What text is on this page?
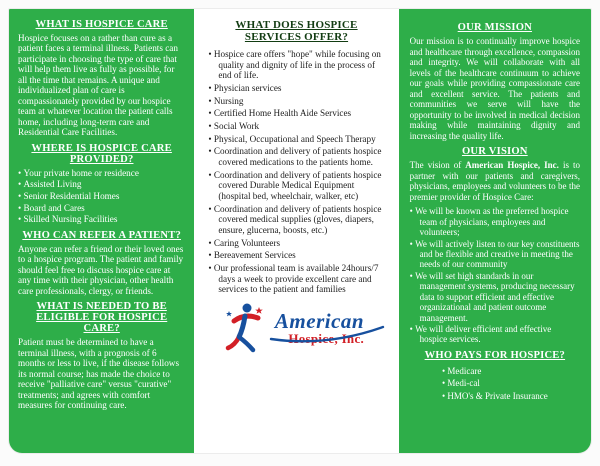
WHAT IS HOSPICE CARE

Hospice focuses on a rather than cure as a patient faces a terminal illness. Patients can participate in choosing the type of care that will help them live as fully as possible, for all the time that remains. A unique and individualized plan of care is compassionately provided by our hospice team at whatever location the patient calls home, including long-term care and Residential Care Facilities.

WHERE IS HOSPICE CARE PROVIDED?
• Your private home or residence
• Assisted Living
• Senior Residential Homes
• Board and Cares
• Skilled Nursing Facilities
WHO CAN REFER A PATIENT?

Anyone can refer a friend or their loved ones to a hospice program. The patient and family should feel free to discuss hospice care at any time with their physician, other health care professionals, clergy, or friends.

WHAT IS NEEDED TO BE ELIGIBLE FOR HOSPICE CARE?

Patient must be determined to have a terminal illness, with a prognosis of 6 months or less to live, if the disease follows its normal course; has made the choice to receive "palliative care" versus "curative" treatments; and agrees with comfort measures for continuing care.

WHAT DOES HOSPICE SERVICES OFFER?
• Hospice care offers "hope" while focusing on quality and dignity of life in the process of end of life.
• Physician services
• Nursing
• Certified Home Health Aide Services
• Social Work
• Physical, Occupational and Speech Therapy
• Coordination and delivery of patients hospice covered medications to the patients home.
• Coordination and delivery of patients hospice covered Durable Medical Equipment (hospital bed, wheelchair, walker, etc)
• Coordination and delivery of patients hospice covered medical supplies (gloves, diapers, ensure, glucerna, boosts, etc.)
• Caring Volunteers
• Bereavement Services
• Our professional team is available 24hours/7 days a week to provide excellent care and services to the patient and families
American
Hospice, Inc.
OUR MISSION

Our mission is to continually improve hospice and healthcare through excellence, compassion and integrity. We will collaborate with all levels of the healthcare continuum to achieve our goals while providing compassionate care and excellent service. The patients and communities we serve will have the opportunity to be involved in medical decision making while maintaining dignity and increasing the quality life.

OUR VISION

The vision of American Hospice, Inc. is to partner with our patients and caregivers, physicians, employees and volunteers to be the premier provider of Hospice Care:

• We will be known as the preferred hospice team of physicians, employees and volunteers;
• We will actively listen to our key constituents and be flexible and creative in meeting the needs of our community
• We will set high standards in our management systems, producing necessary data to support efficient and effective organizational and patient outcome management.
• We will deliver efficient and effective hospice services.
WHO PAYS FOR HOSPICE?
• Medicare
• Medi-cal
• HMO's & Private Insurance
